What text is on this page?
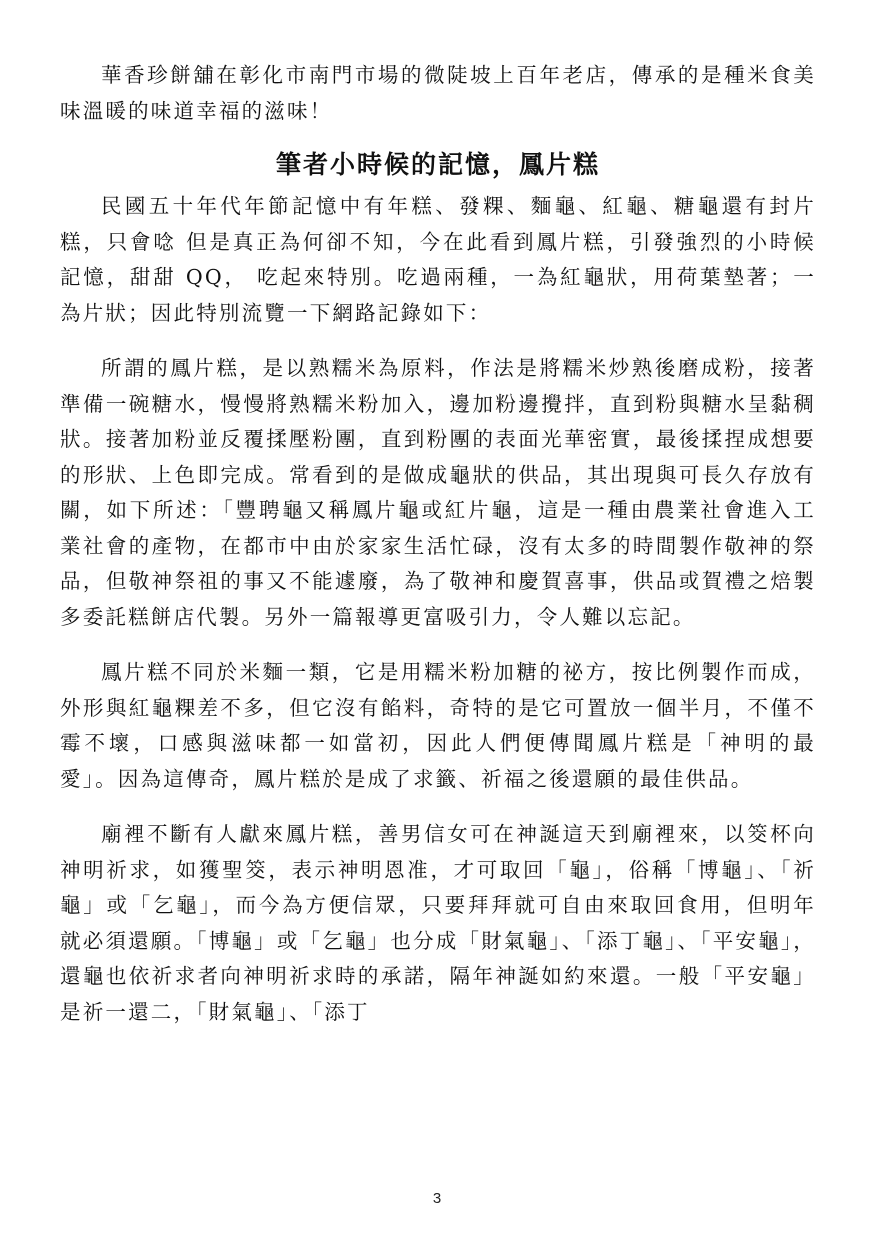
華香珍餅舖在彰化市南門市場的微陡坡上百年老店，傳承的是種米食美味溫暖的味道幸福的滋味！

筆者小時候的記憶，鳳片糕

民國五十年代年節記憶中有年糕、發粿、麵龜、紅龜、糖龜還有封片糕，只會唸 但是真正為何卻不知，今在此看到鳳片糕，引發強烈的小時候記憶，甜甜 QQ， 吃起來特別。吃過兩種，一為紅龜狀，用荷葉墊著；一為片狀；因此特別流覽一下網路記錄如下：

所謂的鳳片糕，是以熟糯米為原料，作法是將糯米炒熟後磨成粉，接著準備一碗糖水，慢慢將熟糯米粉加入，邊加粉邊攪拌，直到粉與糖水呈黏稠狀。接著加粉並反覆揉壓粉團，直到粉團的表面光華密實，最後揉捏成想要的形狀、上色即完成。常看到的是做成龜狀的供品，其出現與可長久存放有關，如下所述：「豐聘龜又稱鳳片龜或紅片龜，這是一種由農業社會進入工業社會的產物，在都市中由於家家生活忙碌，沒有太多的時間製作敬神的祭品，但敬神祭祖的事又不能遽廢，為了敬神和慶賀喜事，供品或賀禮之焙製多委託糕餅店代製。另外一篇報導更富吸引力，令人難以忘記。

鳳片糕不同於米麵一類，它是用糯米粉加糖的祕方，按比例製作而成，外形與紅龜粿差不多，但它沒有餡料，奇特的是它可置放一個半月，不僅不霉不壞，口感與滋味都一如當初，因此人們便傳聞鳳片糕是「神明的最愛」。因為這傳奇，鳳片糕於是成了求籤、祈福之後還願的最佳供品。

廟裡不斷有人獻來鳳片糕，善男信女可在神誕這天到廟裡來，以筊杯向神明祈求，如獲聖筊，表示神明恩准，才可取回「龜」，俗稱「博龜」、「祈龜」或「乞龜」，而今為方便信眾，只要拜拜就可自由來取回食用，但明年就必須還願。「博龜」或「乞龜」也分成「財氣龜」、「添丁龜」、「平安龜」，還龜也依祈求者向神明祈求時的承諾，隔年神誕如約來還。一般「平安龜」是祈一還二，「財氣龜」、「添丁

3
